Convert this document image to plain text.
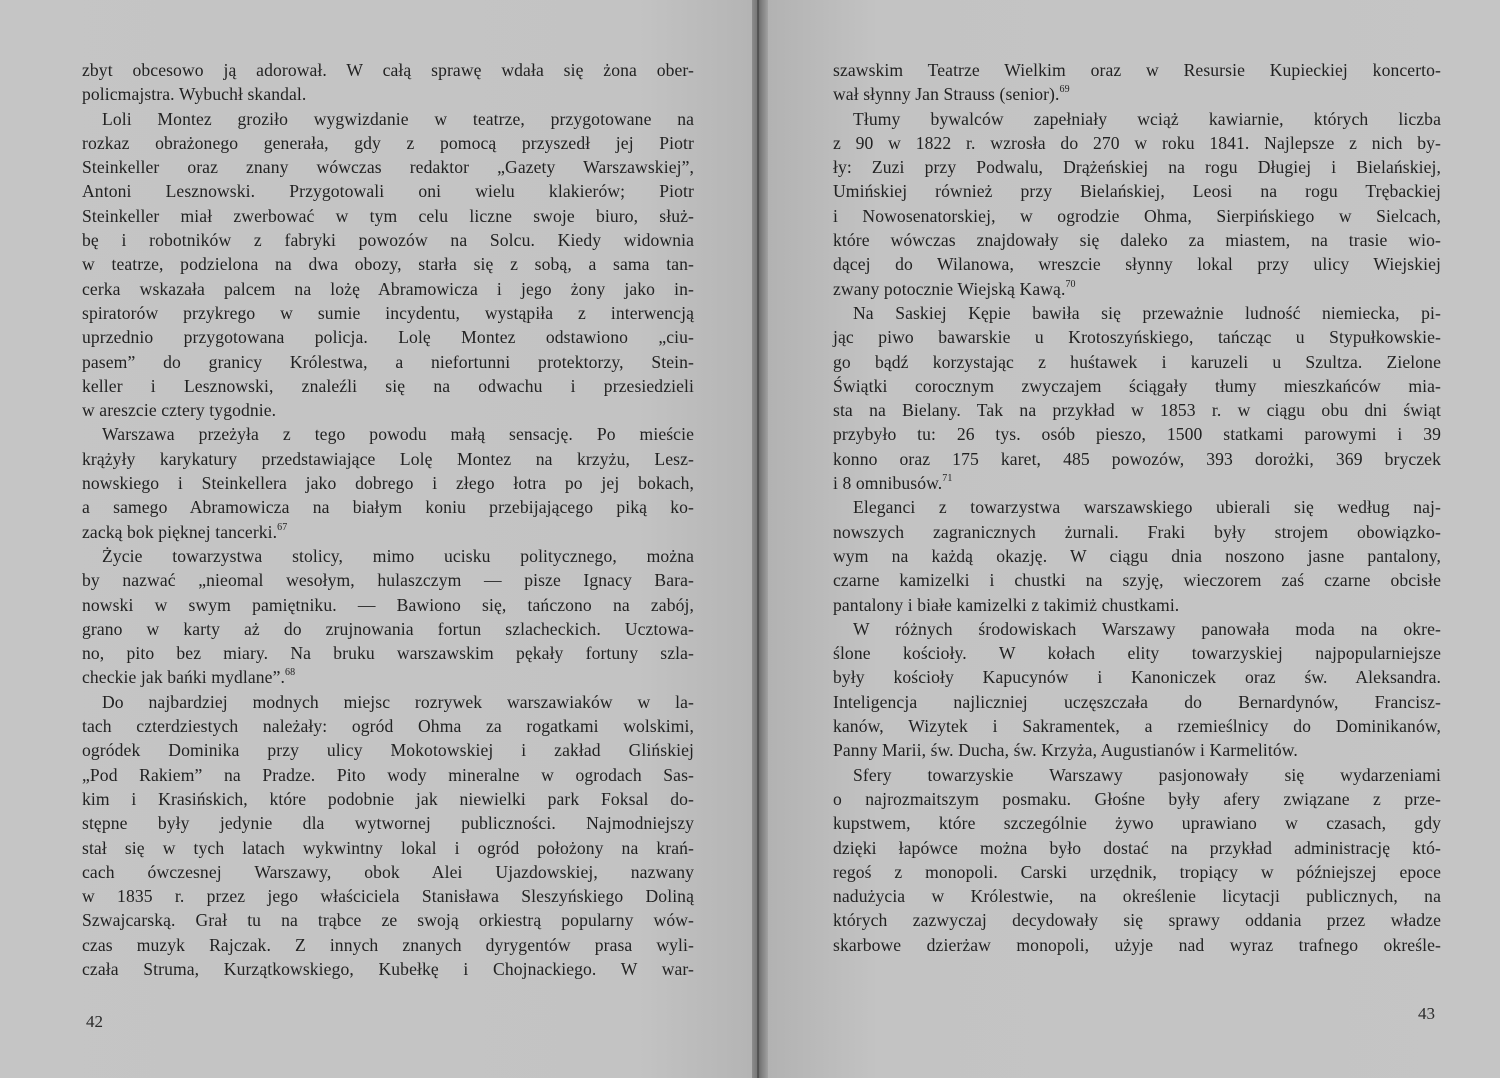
zbyt obcesowo ją adorował. W całą sprawę wdała się żona ober-
policmajstra. Wybuchł skandal.
Loli Montez groziło wygwizdanie w teatrze, przygotowane na
rozkaz obrażonego generała, gdy z pomocą przyszedł jej Piotr
Steinkeller oraz znany wówczas redaktor „Gazety Warszawskiej”,
Antoni Lesznowski. Przygotowali oni wielu klakierów; Piotr
Steinkeller miał zwerbować w tym celu liczne swoje biuro, służ-
bę i robotników z fabryki powozów na Solcu. Kiedy widownia
w teatrze, podzielona na dwa obozy, starła się z sobą, a sama tan-
cerka wskazała palcem na lożę Abramowicza i jego żony jako in-
spiratorów przykrego w sumie incydentu, wystąpiła z interwencją
uprzednio przygotowana policja. Lolę Montez odstawiono „ciu-
pasem” do granicy Królestwa, a niefortunni protektorzy, Stein-
keller i Lesznowski, znaleźli się na odwachu i przesiedzieli
w areszcie cztery tygodnie.
Warszawa przeżyła z tego powodu małą sensację. Po mieście
krążyły karykatury przedstawiające Lolę Montez na krzyżu, Lesz-
nowskiego i Steinkellera jako dobrego i złego łotra po jej bokach,
a samego Abramowicza na białym koniu przebijającego piką ko-
zacką bok pięknej tancerki.$^{67}$
Życie towarzystwa stolicy, mimo ucisku politycznego, można
by nazwać „nieomal wesołym, hulaszczym — pisze Ignacy Bara-
nowski w swym pamiętniku. — Bawiono się, tańczono na zabój,
grano w karty aż do zrujnowania fortun szlacheckich. Ucztowa-
no, pito bez miary. Na bruku warszawskim pękały fortuny szla-
checkie jak bańki mydlane”.$^{68}$
Do najbardziej modnych miejsc rozrywek warszawiaków w la-
tach czterdziestych należały: ogród Ohma za rogatkami wolskimi,
ogródek Dominika przy ulicy Mokotowskiej i zakład Glińskiej
„Pod Rakiem” na Pradze. Pito wody mineralne w ogrodach Sas-
kim i Krasińskich, które podobnie jak niewielki park Foksal do-
stępne były jedynie dla wytwornej publiczności. Najmodniejszy
stał się w tych latach wykwintny lokal i ogród położony na krań-
cach ówczesnej Warszawy, obok Alei Ujazdowskiej, nazwany
w 1835 r. przez jego właściciela Stanisława Sleszyńskiego Doliną
Szwajcarską. Grał tu na trąbce ze swoją orkiestrą popularny wów-
czas muzyk Rajczak. Z innych znanych dyrygentów prasa wyli-
czała Struma, Kurzątkowskiego, Kubełkę i Chojnackiego. W war-
42
szawskim Teatrze Wielkim oraz w Resursie Kupieckiej koncerto-
wał słynny Jan Strauss (senior).$^{69}$
Tłumy bywalców zapełniały wciąż kawiarnie, których liczba
z 90 w 1822 r. wzrosła do 270 w roku 1841. Najlepsze z nich by-
ły: Zuzi przy Podwalu, Drążeńskiej na rogu Długiej i Bielańskiej,
Umińskiej również przy Bielańskiej, Leosi na rogu Trębackiej
i Nowosenatorskiej, w ogrodzie Ohma, Sierpińskiego w Sielcach,
które wówczas znajdowały się daleko za miastem, na trasie wio-
dącej do Wilanowa, wreszcie słynny lokal przy ulicy Wiejskiej
zwany potocznie Wiejską Kawą.$^{70}$
Na Saskiej Kępie bawiła się przeważnie ludność niemiecka, pi-
jąc piwo bawarskie u Krotoszyńskiego, tańcząc u Stypułkowskie-
go bądź korzystając z huśtawek i karuzeli u Szultza. Zielone
Świątki corocznym zwyczajem ściągały tłumy mieszkańców mia-
sta na Bielany. Tak na przykład w 1853 r. w ciągu obu dni świąt
przybyło tu: 26 tys. osób pieszo, 1500 statkami parowymi i 39
konno oraz 175 karet, 485 powozów, 393 dorożki, 369 bryczek
i 8 omnibusów.$^{71}$
Eleganci z towarzystwa warszawskiego ubierali się według naj-
nowszych zagranicznych żurnali. Fraki były strojem obowiązko-
wym na każdą okazję. W ciągu dnia noszono jasne pantalony,
czarne kamizelki i chustki na szyję, wieczorem zaś czarne obcisłe
pantalony i białe kamizelki z takimiż chustkami.
W różnych środowiskach Warszawy panowała moda na okre-
ślone kościoły. W kołach elity towarzyskiej najpopularniejsze
były kościoły Kapucynów i Kanoniczek oraz św. Aleksandra.
Inteligencja najliczniej uczęszczała do Bernardynów, Francisz-
kanów, Wizytek i Sakramentek, a rzemieślnicy do Dominikanów,
Panny Marii, św. Ducha, św. Krzyża, Augustianów i Karmelitów.
Sfery towarzyskie Warszawy pasjonowały się wydarzeniami
o najrozmaitszym posmaku. Głośne były afery związane z prze-
kupstwem, które szczególnie żywo uprawiano w czasach, gdy
dzięki łapówce można było dostać na przykład administrację któ-
regoś z monopoli. Carski urzędnik, tropiący w późniejszej epoce
nadużycia w Królestwie, na określenie licytacji publicznych, na
których zazwyczaj decydowały się sprawy oddania przez władze
skarbowe dzierżaw monopoli, użyje nad wyraz trafnego określe-
43
